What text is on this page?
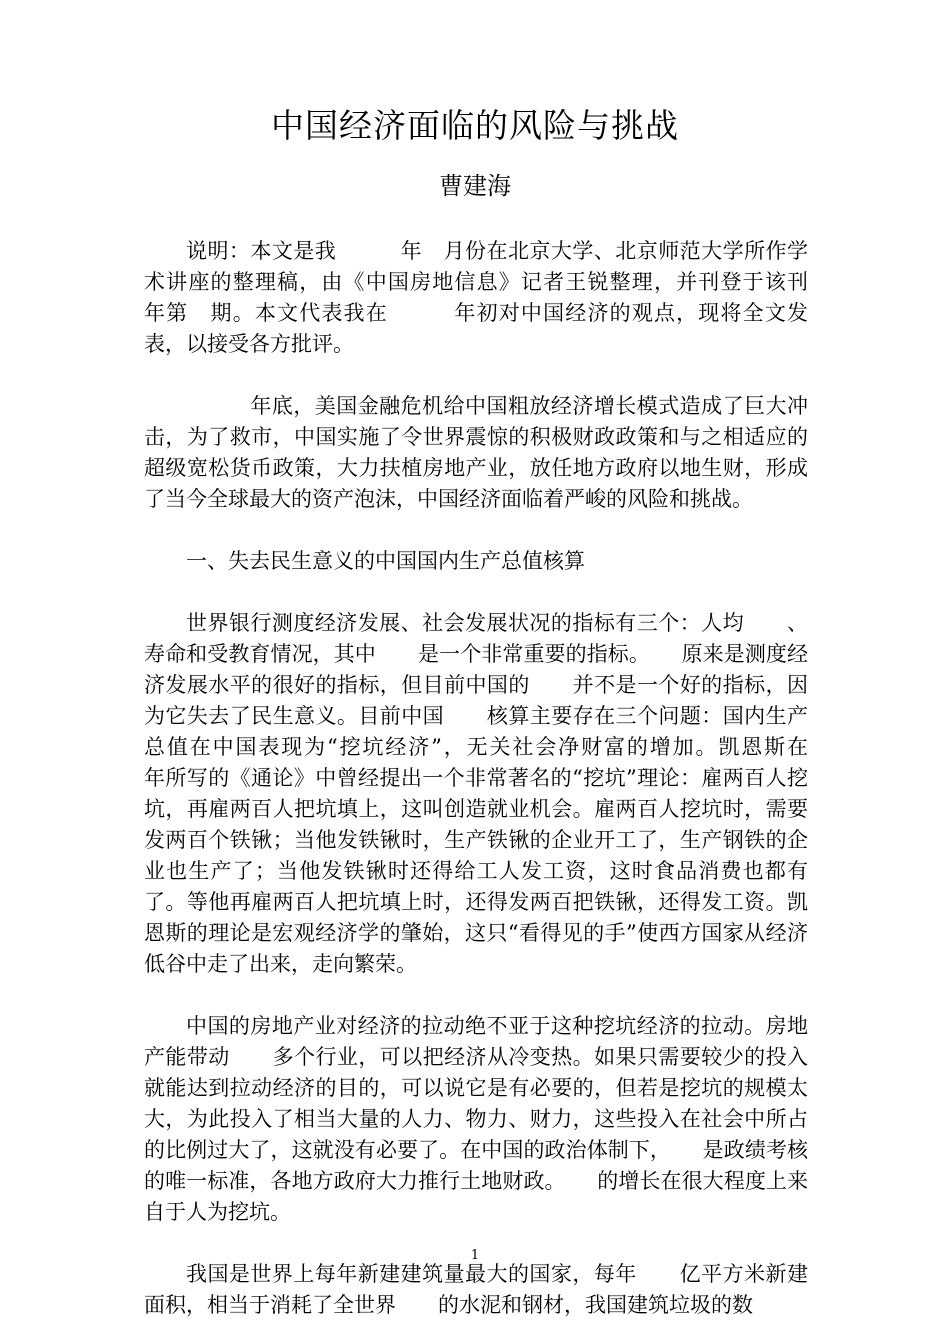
中国经济面临的风险与挑战
曹建海

说明：本文是我　　　年　月份在北京大学、北京师范大学所作学术讲座的整理稿，由《中国房地信息》记者王锐整理，并刊登于该刊　　　年第　期。本文代表我在　　　年初对中国经济的观点，现将全文发表，以接受各方批评。

　　　年底，美国金融危机给中国粗放经济增长模式造成了巨大冲击，为了救市，中国实施了令世界震惊的积极财政政策和与之相适应的超级宽松货币政策，大力扶植房地产业，放任地方政府以地生财，形成了当今全球最大的资产泡沫，中国经济面临着严峻的风险和挑战。

一、失去民生意义的中国国内生产总值核算

世界银行测度经济发展、社会发展状况的指标有三个：人均　　、寿命和受教育情况，其中　　是一个非常重要的指标。　　原来是测度经济发展水平的很好的指标，但目前中国的　　并不是一个好的指标，因为它失去了民生意义。目前中国　　核算主要存在三个问题：国内生产总值在中国表现为“挖坑经济”，无关社会净财富的增加。凯恩斯在　　　年所写的《通论》中曾经提出一个非常著名的“挖坑”理论：雇两百人挖坑，再雇两百人把坑填上，这叫创造就业机会。雇两百人挖坑时，需要发两百个铁锹；当他发铁锹时，生产铁锹的企业开工了，生产钢铁的企业也生产了；当他发铁锹时还得给工人发工资，这时食品消费也都有了。等他再雇两百人把坑填上时，还得发两百把铁锹，还得发工资。凯恩斯的理论是宏观经济学的肇始，这只“看得见的手”使西方国家从经济低谷中走了出来，走向繁荣。

中国的房地产业对经济的拉动绝不亚于这种挖坑经济的拉动。房地产能带动　　多个行业，可以把经济从冷变热。如果只需要较少的投入就能达到拉动经济的目的，可以说它是有必要的，但若是挖坑的规模太大，为此投入了相当大量的人力、物力、财力，这些投入在社会中所占的比例过大了，这就没有必要了。在中国的政治体制下，　　是政绩考核的唯一标准，各地方政府大力推行土地财政。　　的增长在很大程度上来自于人为挖坑。

我国是世界上每年新建建筑量最大的国家，每年　　亿平方米新建面积，相当于消耗了全世界　　的水泥和钢材，我国建筑垃圾的数

1
